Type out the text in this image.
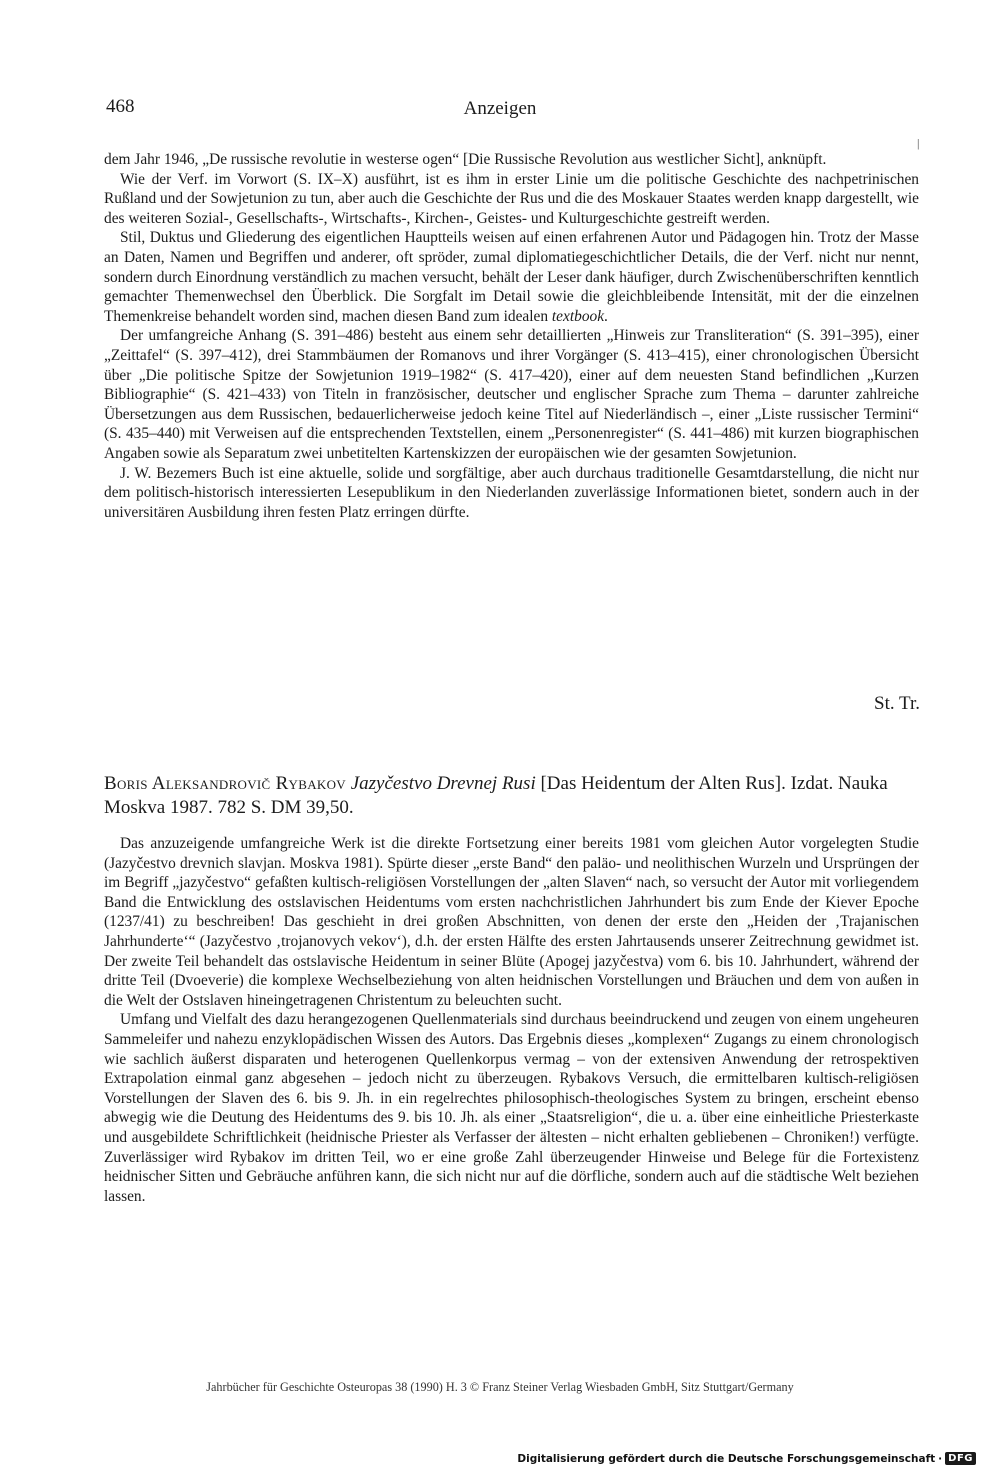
468	Anzeigen
|

dem Jahr 1946, „De russische revolutie in westerse ogen“ [Die Russische Revolution aus westlicher Sicht], anknüpft.

Wie der Verf. im Vorwort (S. IX–X) ausführt, ist es ihm in erster Linie um die politische Geschichte des nachpetrinischen Rußland und der Sowjetunion zu tun, aber auch die Geschichte der Rus und die des Moskauer Staates werden knapp dargestellt, wie des weiteren Sozial-, Gesellschafts-, Wirtschafts-, Kirchen-, Geistes- und Kulturgeschichte gestreift werden.

Stil, Duktus und Gliederung des eigentlichen Hauptteils weisen auf einen erfahrenen Autor und Pädagogen hin. Trotz der Masse an Daten, Namen und Begriffen und anderer, oft spröder, zumal diplomatiegeschichtlicher Details, die der Verf. nicht nur nennt, sondern durch Einordnung verständlich zu machen versucht, behält der Leser dank häufiger, durch Zwischenüberschriften kenntlich gemachter Themenwechsel den Überblick. Die Sorgfalt im Detail sowie die gleichbleibende Intensität, mit der die einzelnen Themenkreise behandelt worden sind, machen diesen Band zum idealen textbook.

Der umfangreiche Anhang (S. 391–486) besteht aus einem sehr detaillierten „Hinweis zur Transliteration“ (S. 391–395), einer „Zeittafel“ (S. 397–412), drei Stammbäumen der Romanovs und ihrer Vorgänger (S. 413–415), einer chronologischen Übersicht über „Die politische Spitze der Sowjetunion 1919–1982“ (S. 417–420), einer auf dem neuesten Stand befindlichen „Kurzen Bibliographie“ (S. 421–433) von Titeln in französischer, deutscher und englischer Sprache zum Thema – darunter zahlreiche Übersetzungen aus dem Russischen, bedauerlicherweise jedoch keine Titel auf Niederländisch –, einer „Liste russischer Termini“ (S. 435–440) mit Verweisen auf die entsprechenden Textstellen, einem „Personenregister“ (S. 441–486) mit kurzen biographischen Angaben sowie als Separatum zwei unbetitelten Kartenskizzen der europäischen wie der gesamten Sowjetunion.

J. W. Bezemers Buch ist eine aktuelle, solide und sorgfältige, aber auch durchaus traditionelle Gesamtdarstellung, die nicht nur dem politisch-historisch interessierten Lesepublikum in den Niederlanden zuverlässige Informationen bietet, sondern auch in der universitären Ausbildung ihren festen Platz erringen dürfte.

St. Tr.
Boris Aleksandrovič Rybakov Jazyčestvo Drevnej Rusi [Das Heidentum der Alten Rus]. Izdat. Nauka Moskva 1987. 782 S. DM 39,50.

Das anzuzeigende umfangreiche Werk ist die direkte Fortsetzung einer bereits 1981 vom gleichen Autor vorgelegten Studie (Jazyčestvo drevnich slavjan. Moskva 1981). Spürte dieser „erste Band“ den paläo- und neolithischen Wurzeln und Ursprüngen der im Begriff „jazyčestvo“ gefaßten kultisch-religiösen Vorstellungen der „alten Slaven“ nach, so versucht der Autor mit vorliegendem Band die Entwicklung des ostslavischen Heidentums vom ersten nachchristlichen Jahrhundert bis zum Ende der Kiever Epoche (1237/41) zu beschreiben! Das geschieht in drei großen Abschnitten, von denen der erste den „Heiden der ‚Trajanischen Jahrhunderte‘“ (Jazyčestvo ‚trojanovych vekov‘), d.h. der ersten Hälfte des ersten Jahrtausends unserer Zeitrechnung gewidmet ist. Der zweite Teil behandelt das ostslavische Heidentum in seiner Blüte (Apogej jazyčestva) vom 6. bis 10. Jahrhundert, während der dritte Teil (Dvoeverie) die komplexe Wechselbeziehung von alten heidnischen Vorstellungen und Bräuchen und dem von außen in die Welt der Ostslaven hineingetragenen Christentum zu beleuchten sucht.

Umfang und Vielfalt des dazu herangezogenen Quellenmaterials sind durchaus beeindruckend und zeugen von einem ungeheuren Sammeleifer und nahezu enzyklopädischen Wissen des Autors. Das Ergebnis dieses „komplexen“ Zugangs zu einem chronologisch wie sachlich äußerst disparaten und heterogenen Quellenkorpus vermag – von der extensiven Anwendung der retrospektiven Extrapolation einmal ganz abgesehen – jedoch nicht zu überzeugen. Rybakovs Versuch, die ermittelbaren kultisch-religiösen Vorstellungen der Slaven des 6. bis 9. Jh. in ein regelrechtes philosophisch-theologisches System zu bringen, erscheint ebenso abwegig wie die Deutung des Heidentums des 9. bis 10. Jh. als einer „Staatsreligion“, die u. a. über eine einheitliche Priesterkaste und ausgebildete Schriftlichkeit (heidnische Priester als Verfasser der ältesten – nicht erhalten gebliebenen – Chroniken!) verfügte. Zuverlässiger wird Rybakov im dritten Teil, wo er eine große Zahl überzeugender Hinweise und Belege für die Fortexistenz heidnischer Sitten und Gebräuche anführen kann, die sich nicht nur auf die dörfliche, sondern auch auf die städtische Welt beziehen lassen.

Jahrbücher für Geschichte Osteuropas 38 (1990) H. 3 © Franz Steiner Verlag Wiesbaden GmbH, Sitz Stuttgart/Germany
Digitalisierung gefördert durch die Deutsche Forschungsgemeinschaft · DFG
